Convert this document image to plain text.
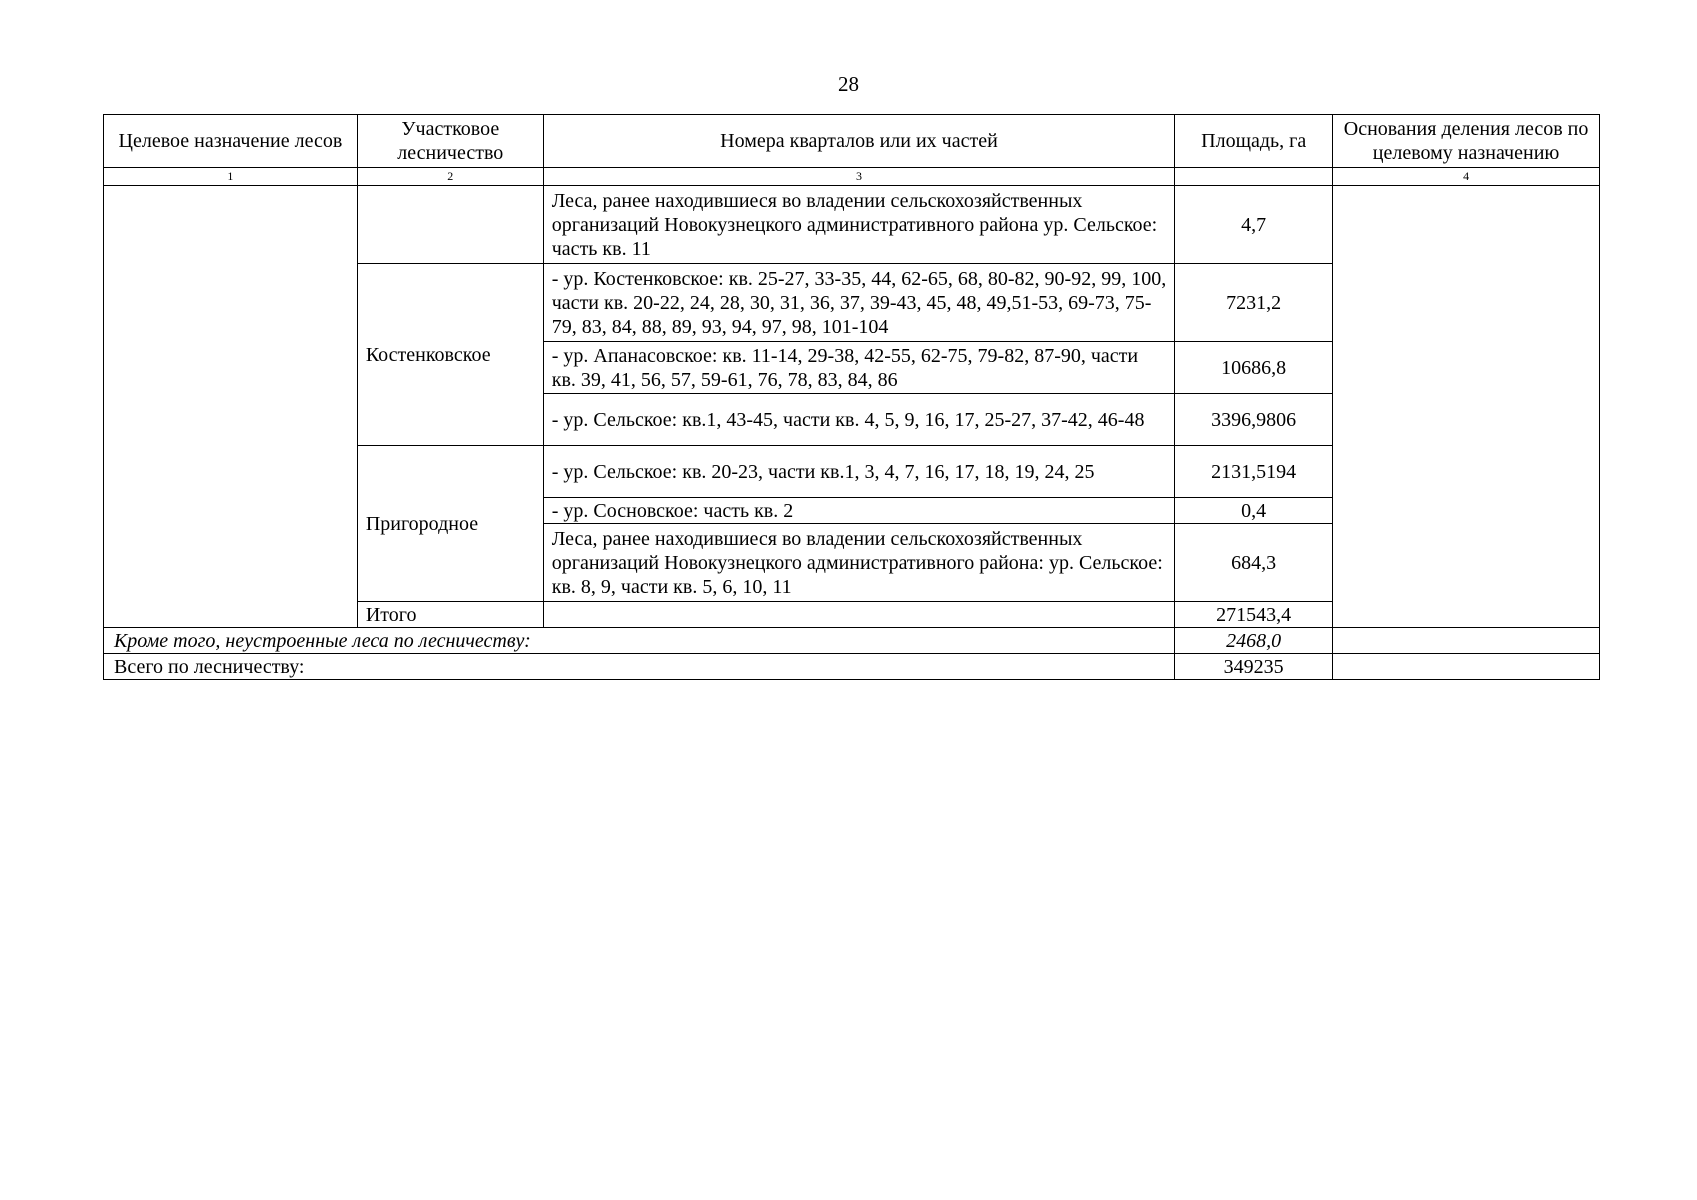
28
Целевое назначение лесов	Участковое лесничество	Номера кварталов или их частей	Площадь, га	Основания деления лесов по целевому назначению
1	2	3		4
		Леса, ранее находившиеся во владении сельскохозяйственных организаций Новокузнецкого административного района ур. Сельское: часть кв. 11	4,7	
	Костенковское	- ур. Костенковское: кв. 25-27, 33-35, 44, 62-65, 68, 80-82, 90-92, 99, 100, части кв. 20-22, 24, 28, 30, 31, 36, 37, 39-43, 45, 48, 49,51-53, 69-73, 75-79, 83, 84, 88, 89, 93, 94, 97, 98, 101-104	7231,2	
		- ур. Апанасовское: кв. 11-14, 29-38, 42-55, 62-75, 79-82, 87-90, части кв. 39, 41, 56, 57, 59-61, 76, 78, 83, 84, 86	10686,8	
		- ур. Сельское: кв.1, 43-45, части кв. 4, 5, 9, 16, 17, 25-27, 37-42, 46-48	3396,9806	
	Пригородное	- ур. Сельское: кв. 20-23, части кв.1, 3, 4, 7, 16, 17, 18, 19, 24, 25	2131,5194	
		- ур. Сосновское: часть кв. 2	0,4	
		Леса, ранее находившиеся во владении сельскохозяйственных организаций Новокузнецкого административного района: ур. Сельское: кв. 8, 9, части кв. 5, 6, 10, 11	684,3	
	Итого		271543,4	
Кроме того, неустроенные леса по лесничеству:			2468,0	
Всего по лесничеству:			349235	
